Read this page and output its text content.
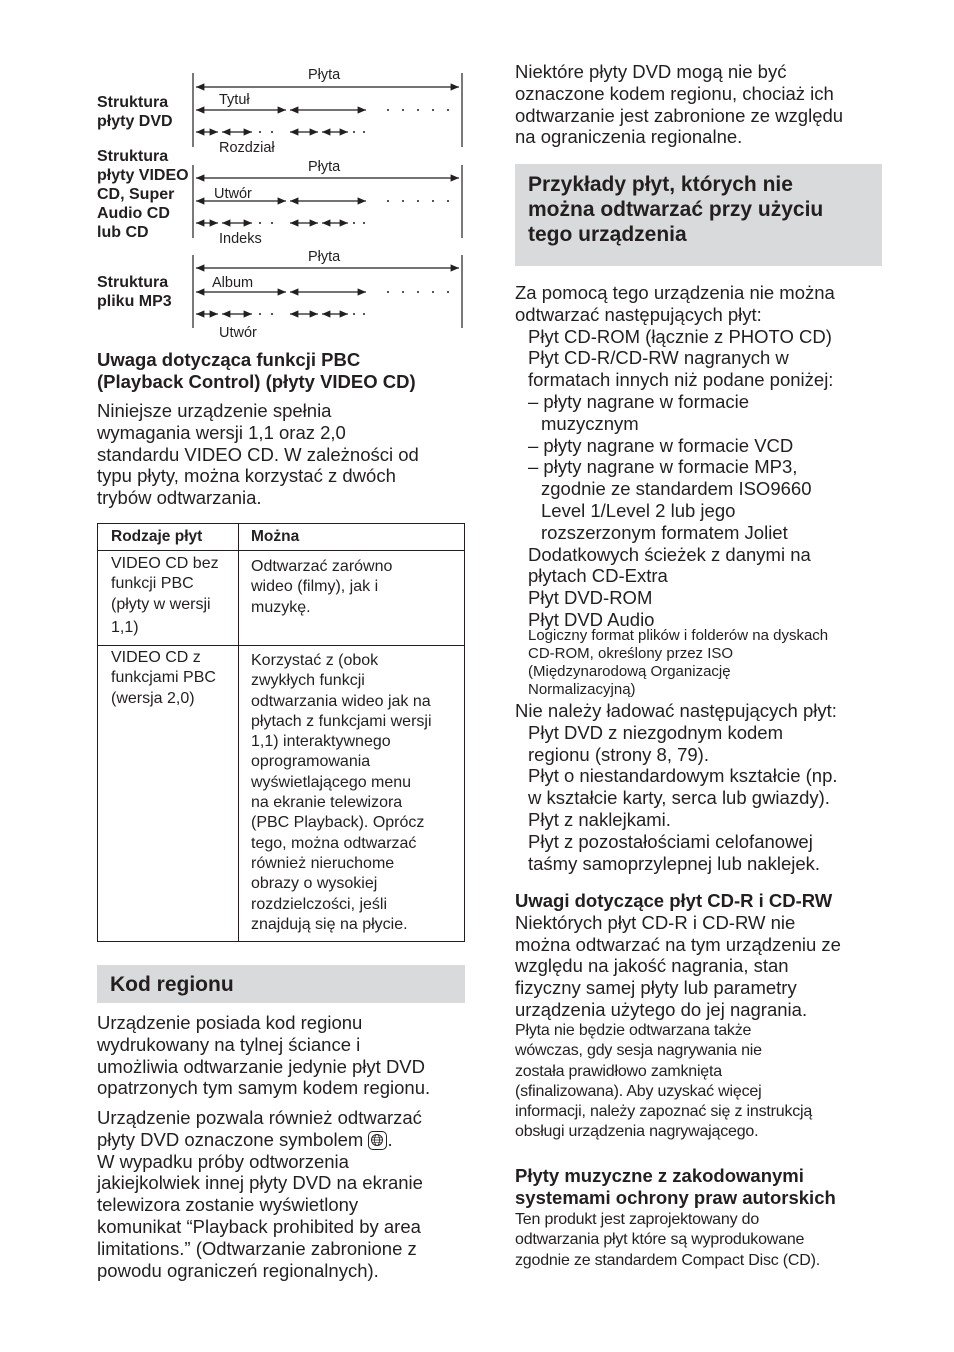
Struktura płyty DVD
Struktura płyty VIDEO CD, Super Audio CD lub CD
Struktura pliku MP3
Płyta
Tytuł
Rozdział
Płyta
Utwór
Indeks
Płyta
Album
Utwór
Uwaga dotycząca funkcji PBC
(Playback Control) (płyty VIDEO CD)
Niniejsze urządzenie spełnia
wymagania wersji 1,1 oraz 2,0
standardu VIDEO CD. W zależności od
typu płyty, można korzystać z dwóch
trybów odtwarzania.
Rodzaje płyt	Można
VIDEO CD bez
funkcji PBC
(płyty w wersji
1,1)
Odtwarzać zarówno
wideo (filmy), jak i
muzykę.
VIDEO CD z
funkcjami PBC
(wersja 2,0)
Korzystać z (obok
zwykłych funkcji
odtwarzania wideo jak na
płytach z funkcjami wersji
1,1) interaktywnego
oprogramowania
wyświetlającego menu
na ekranie telewizora
(PBC Playback). Oprócz
tego, można odtwarzać
również nieruchome
obrazy o wysokiej
rozdzielczości, jeśli
znajdują się na płycie.
Kod regionu
Urządzenie posiada kod regionu
wydrukowany na tylnej ściance i
umożliwia odtwarzanie jedynie płyt DVD
opatrzonych tym samym kodem regionu.
Urządzenie pozwala również odtwarzać
płyty DVD oznaczone symbolem .
W wypadku próby odtworzenia
jakiejkolwiek innej płyty DVD na ekranie
telewizora zostanie wyświetlony
komunikat “Playback prohibited by area
limitations.” (Odtwarzanie zabronione z
powodu ograniczeń regionalnych).
Niektóre płyty DVD mogą nie być
oznaczone kodem regionu, chociaż ich
odtwarzanie jest zabronione ze względu
na ograniczenia regionalne.
Przykłady płyt, których nie
można odtwarzać przy użyciu
tego urządzenia
Za pomocą tego urządzenia nie można
odtwarzać następujących płyt:
Płyt CD-ROM (łącznie z PHOTO CD)
Płyt CD-R/CD-RW nagranych w
formatach innych niż podane poniżej:
– płyty nagrane w formacie
muzycznym
– płyty nagrane w formacie VCD
– płyty nagrane w formacie MP3,
zgodnie ze standardem ISO9660
Level 1/Level 2 lub jego
rozszerzonym formatem Joliet
Dodatkowych ścieżek z danymi na
płytach CD-Extra
Płyt DVD-ROM
Płyt DVD Audio
Logiczny format plików i folderów na dyskach
CD-ROM, określony przez ISO
(Międzynarodową Organizację
Normalizacyjną)
Nie należy ładować następujących płyt:
Płyt DVD z niezgodnym kodem
regionu (strony 8, 79).
Płyt o niestandardowym kształcie (np.
w kształcie karty, serca lub gwiazdy).
Płyt z naklejkami.
Płyt z pozostałościami celofanowej
taśmy samoprzylepnej lub naklejek.
Uwagi dotyczące płyt CD-R i CD-RW
Niektórych płyt CD-R i CD-RW nie
można odtwarzać na tym urządzeniu ze
względu na jakość nagrania, stan
fizyczny samej płyty lub parametry
urządzenia użytego do jej nagrania.
Płyta nie będzie odtwarzana także
wówczas, gdy sesja nagrywania nie
została prawidłowo zamknięta
(sfinalizowana). Aby uzyskać więcej
informacji, należy zapoznać się z instrukcją
obsługi urządzenia nagrywającego.
Płyty muzyczne z zakodowanymi
systemami ochrony praw autorskich
Ten produkt jest zaprojektowany do
odtwarzania płyt które są wyprodukowane
zgodnie ze standardem Compact Disc (CD).
